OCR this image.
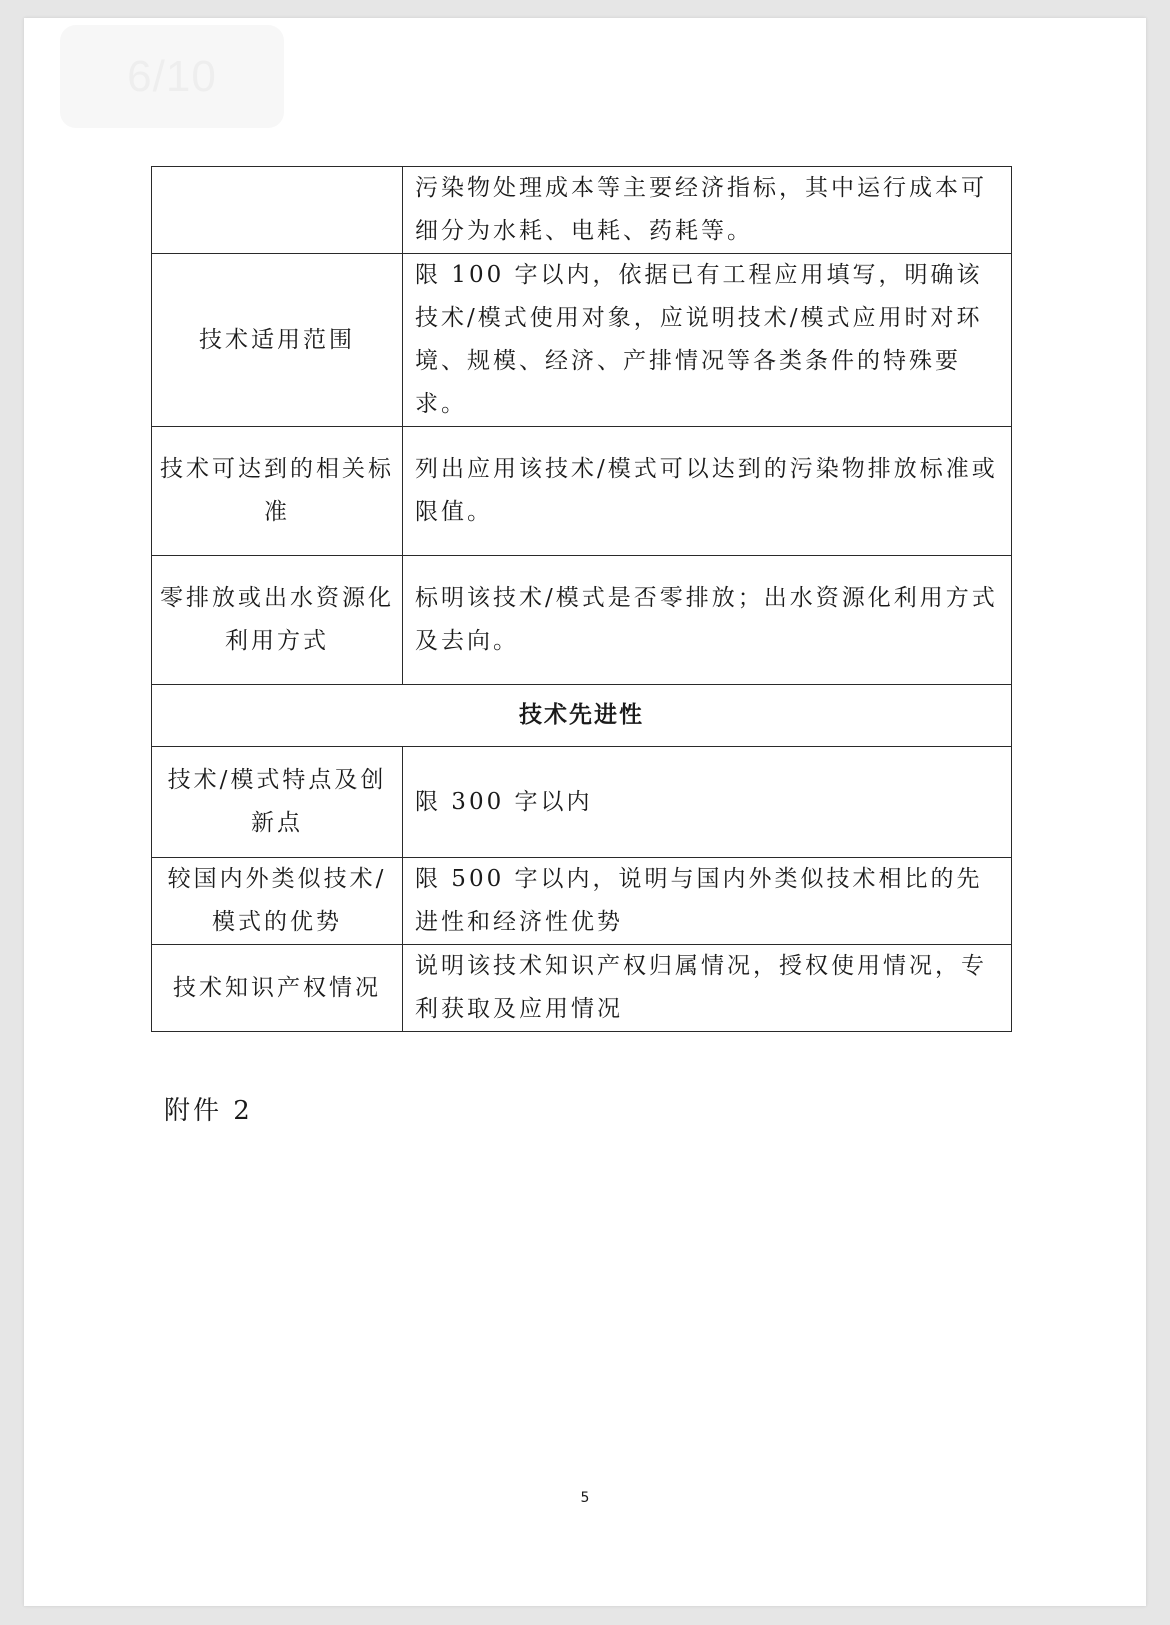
6/10
	污染物处理成本等主要经济指标，其中运行成本可细分为水耗、电耗、药耗等。
技术适用范围	限 100 字以内，依据已有工程应用填写，明确该技术/模式使用对象，应说明技术/模式应用时对环境、规模、经济、产排情况等各类条件的特殊要求。
技术可达到的相关标准	列出应用该技术/模式可以达到的污染物排放标准或限值。
零排放或出水资源化利用方式	标明该技术/模式是否零排放；出水资源化利用方式及去向。
技术先进性	
技术/模式特点及创新点	限 300 字以内
较国内外类似技术/模式的优势	限 500 字以内，说明与国内外类似技术相比的先进性和经济性优势
技术知识产权情况	说明该技术知识产权归属情况，授权使用情况，专利获取及应用情况
附件 2
5
